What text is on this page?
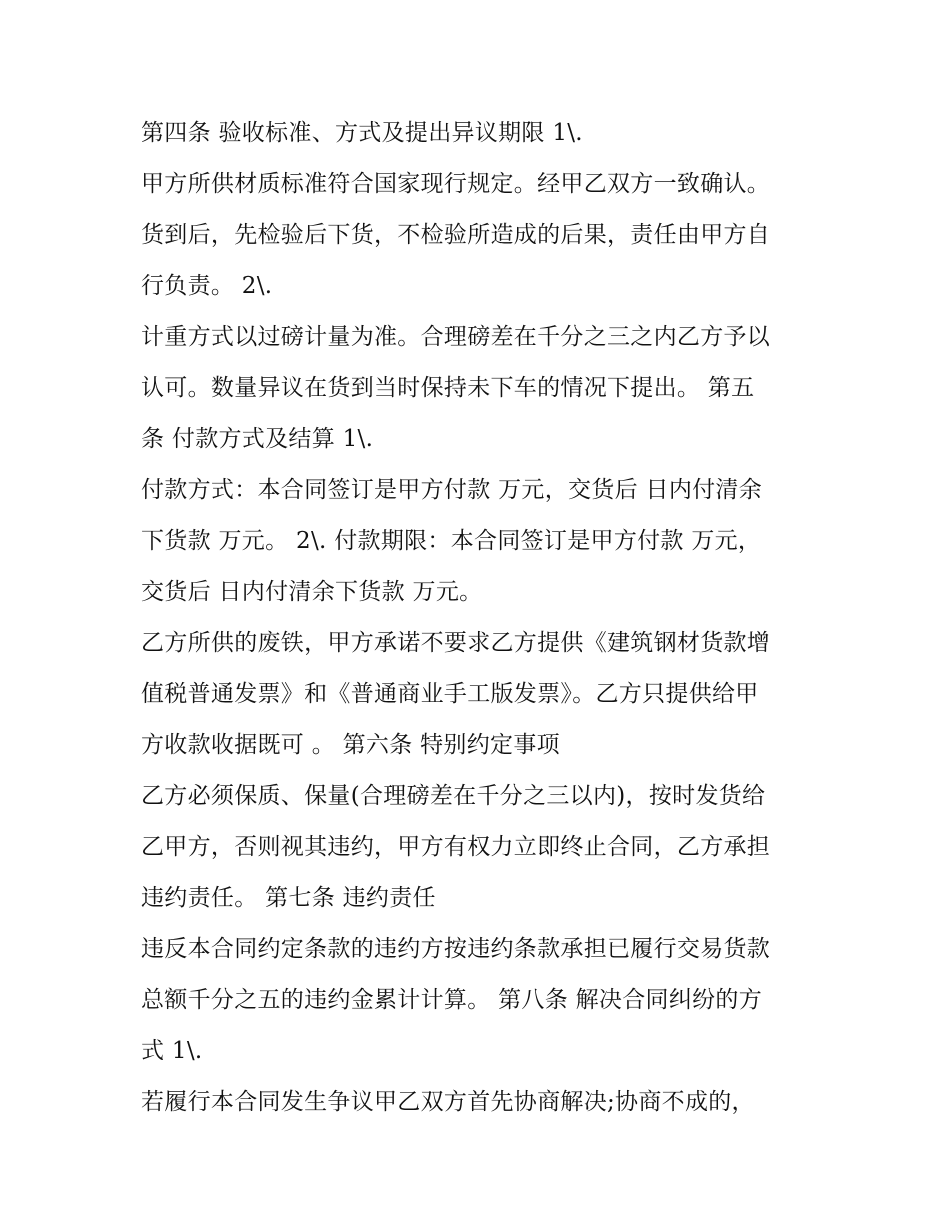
第四条 验收标准、方式及提出异议期限 1\.
甲方所供材质标准符合国家现行规定。经甲乙双方一致确认。
货到后，先检验后下货，不检验所造成的后果，责任由甲方自
行负责。 2\.
计重方式以过磅计量为准。合理磅差在千分之三之内乙方予以
认可。数量异议在货到当时保持未下车的情况下提出。 第五
条 付款方式及结算 1\.
付款方式：本合同签订是甲方付款 万元，交货后 日内付清余
下货款 万元。 2\. 付款期限：本合同签订是甲方付款 万元，
交货后 日内付清余下货款 万元。
乙方所供的废铁，甲方承诺不要求乙方提供《建筑钢材货款增
值税普通发票》和《普通商业手工版发票》。乙方只提供给甲
方收款收据既可 。 第六条 特别约定事项
乙方必须保质、保量(合理磅差在千分之三以内)，按时发货给
乙甲方，否则视其违约，甲方有权力立即终止合同，乙方承担
违约责任。 第七条 违约责任
违反本合同约定条款的违约方按违约条款承担已履行交易货款
总额千分之五的违约金累计计算。 第八条 解决合同纠纷的方
式 1\.
若履行本合同发生争议甲乙双方首先协商解决;协商不成的，
